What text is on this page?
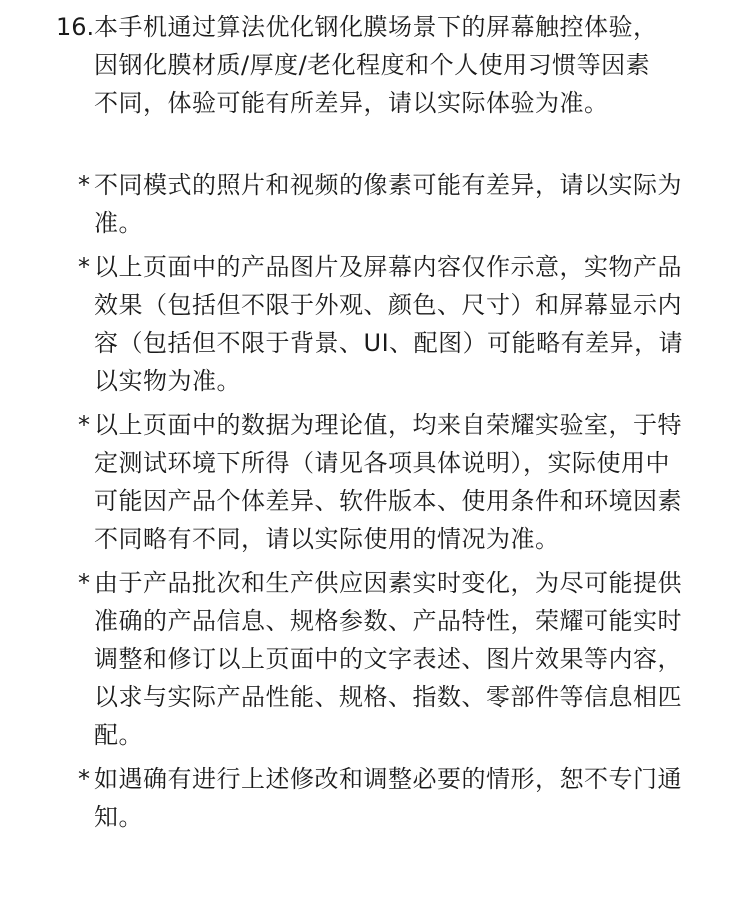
16. 本手机通过算法优化钢化膜场景下的屏幕触控体验，
因钢化膜材质/厚度/老化程度和个人使用习惯等因素
不同，体验可能有所差异，请以实际体验为准。
* 不同模式的照片和视频的像素可能有差异，请以实际为
准。
* 以上页面中的产品图片及屏幕内容仅作示意，实物产品
效果（包括但不限于外观、颜色、尺寸）和屏幕显示内
容（包括但不限于背景、UI、配图）可能略有差异，请
以实物为准。
* 以上页面中的数据为理论值，均来自荣耀实验室，于特
定测试环境下所得（请见各项具体说明），实际使用中
可能因产品个体差异、软件版本、使用条件和环境因素
不同略有不同，请以实际使用的情况为准。
* 由于产品批次和生产供应因素实时变化，为尽可能提供
准确的产品信息、规格参数、产品特性，荣耀可能实时
调整和修订以上页面中的文字表述、图片效果等内容，
以求与实际产品性能、规格、指数、零部件等信息相匹
配。
* 如遇确有进行上述修改和调整必要的情形，恕不专门通
知。
